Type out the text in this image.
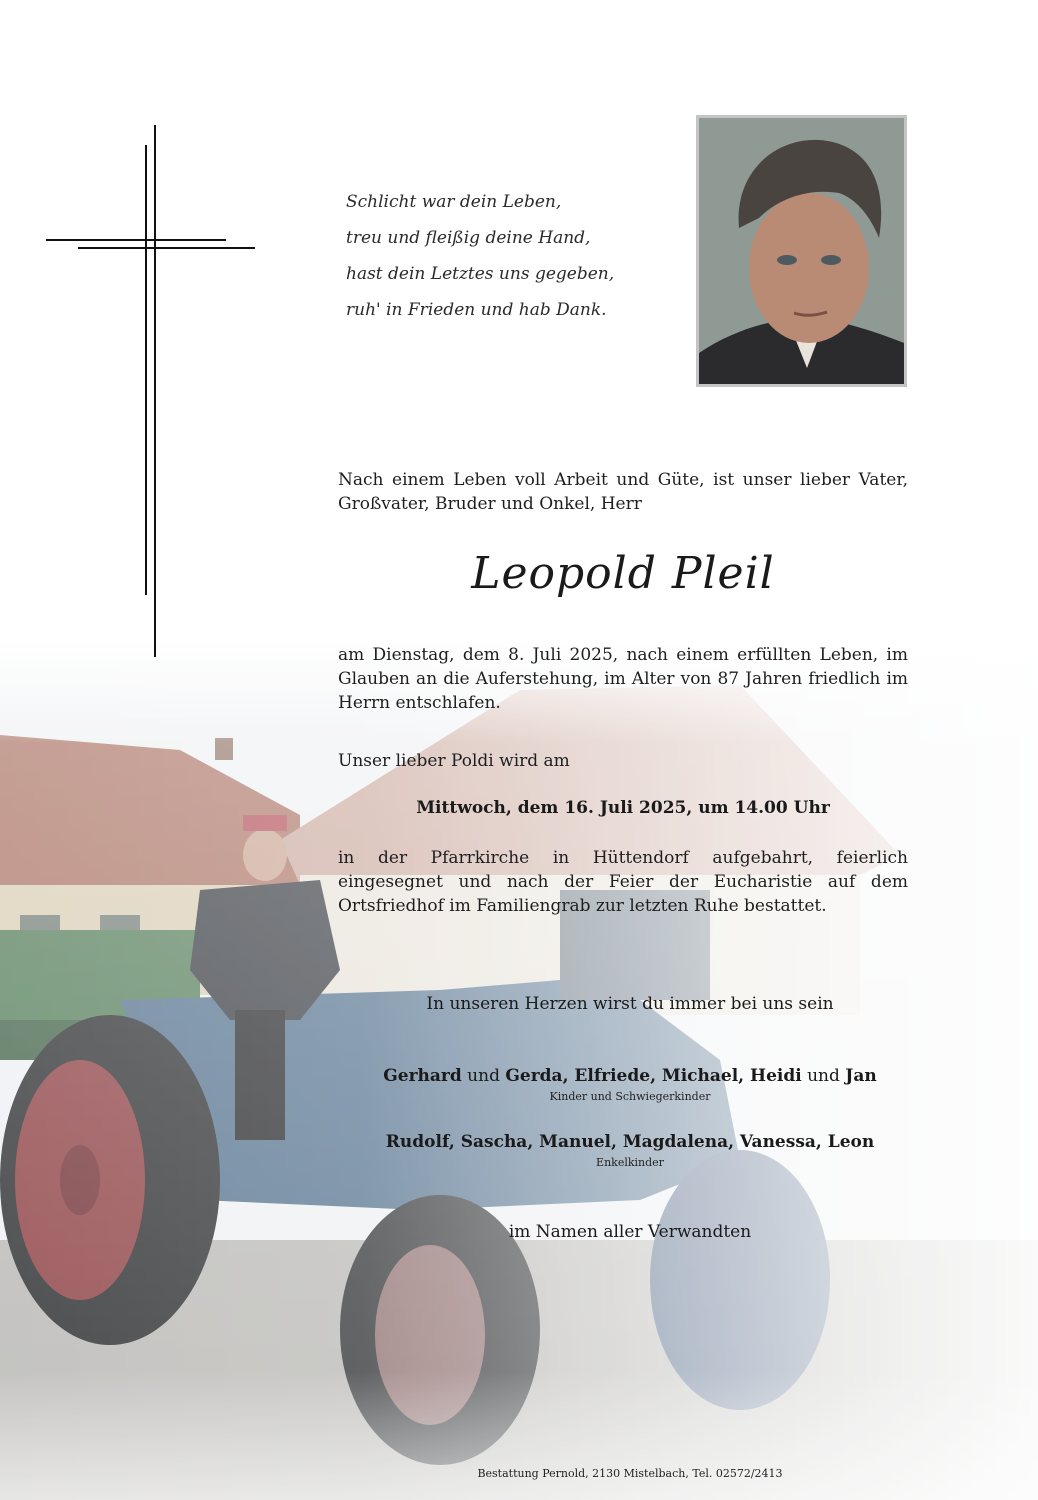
Schlicht war dein Leben,
treu und fleißig deine Hand,
hast dein Letztes uns gegeben,
ruh' in Frieden und hab Dank.
Nach einem Leben voll Arbeit und Güte, ist unser lieber Vater, Großvater, Bruder und Onkel, Herr
Leopold Pleil
am Dienstag, dem 8. Juli 2025, nach einem erfüllten Leben, im Glauben an die Auferstehung, im Alter von 87 Jahren friedlich im Herrn entschlafen.
Unser lieber Poldi wird am
Mittwoch, dem 16. Juli 2025, um 14.00 Uhr
in der Pfarrkirche in Hüttendorf aufgebahrt, feierlich eingesegnet und nach der Feier der Eucharistie auf dem Ortsfriedhof im Familiengrab zur letzten Ruhe bestattet.
In unseren Herzen wirst du immer bei uns sein
Gerhard und Gerda, Elfriede, Michael, Heidi und Jan
Kinder und Schwiegerkinder
Rudolf, Sascha, Manuel, Magdalena, Vanessa, Leon
Enkelkinder
im Namen aller Verwandten
Bestattung Pernold, 2130 Mistelbach, Tel. 02572/2413
